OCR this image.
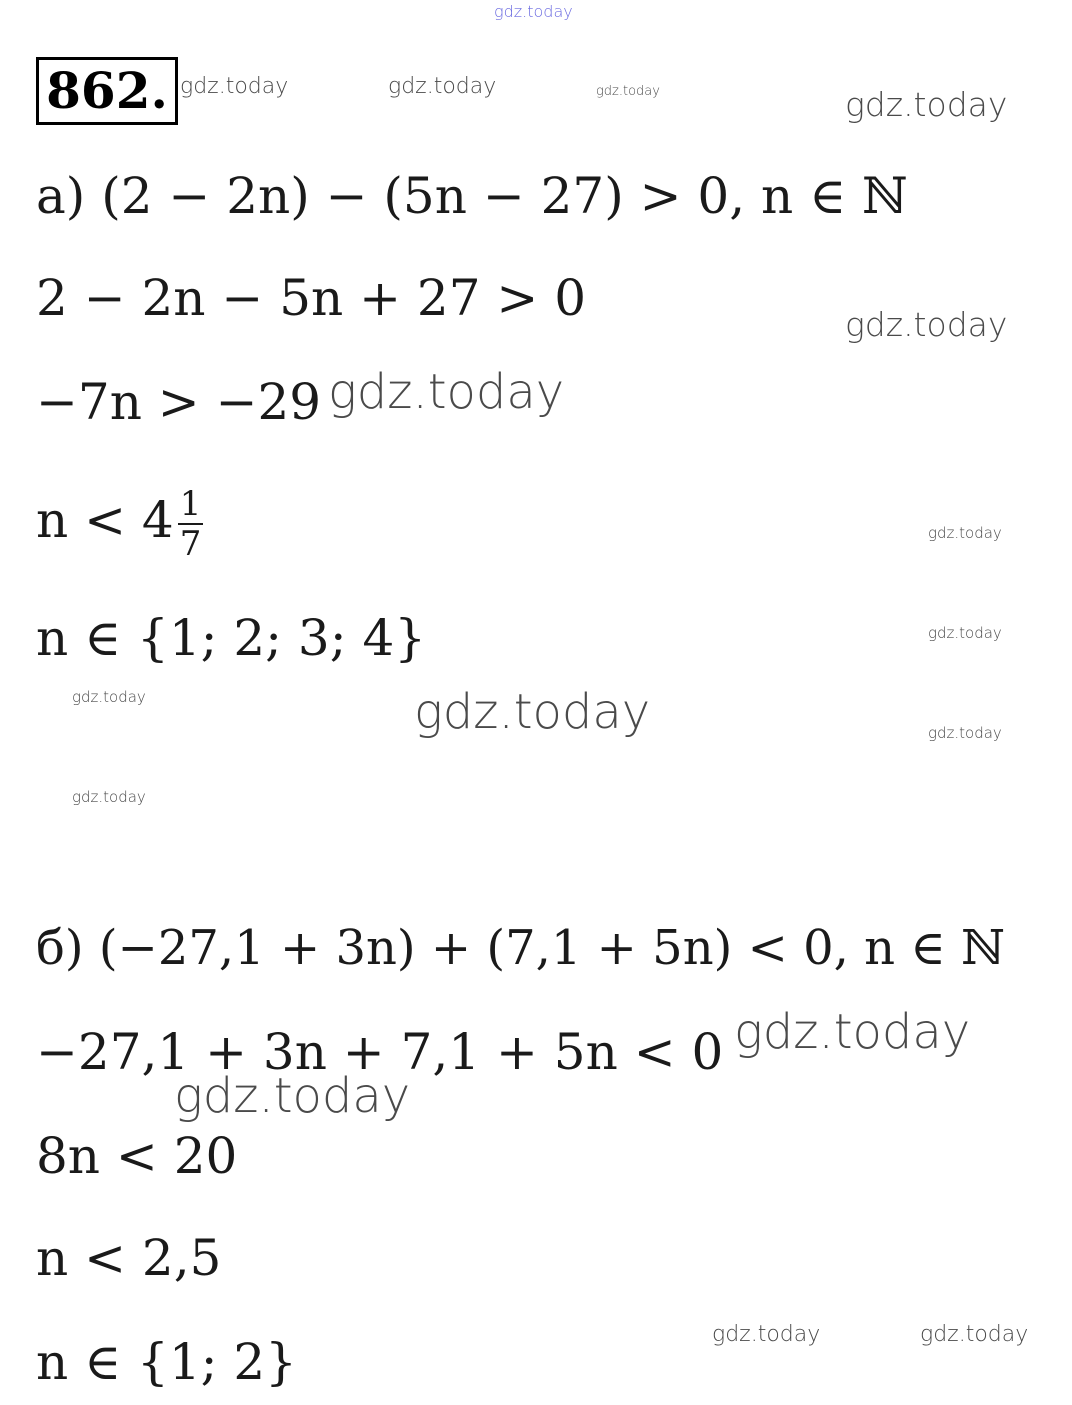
gdz.today
862.
а) (2 − 2n) − (5n − 27) > 0, n ∈ ℕ
2 − 2n − 5n + 27 > 0
−7n > −29
$n < 4 \frac{1}{7}$
n ∈ {1; 2; 3; 4}
б) (−27,1 + 3n) + (7,1 + 5n) < 0, n ∈ ℕ
−27,1 + 3n + 7,1 + 5n < 0
8n < 20
n < 2,5
n ∈ {1; 2}
gdz.today	gdz.today	gdz.today	gdz.today
gdz.today
gdz.today
gdz.today
gdz.today
gdz.today	gdz.today	gdz.today
gdz.today
gdz.today
gdz.today
gdz.today	gdz.today
